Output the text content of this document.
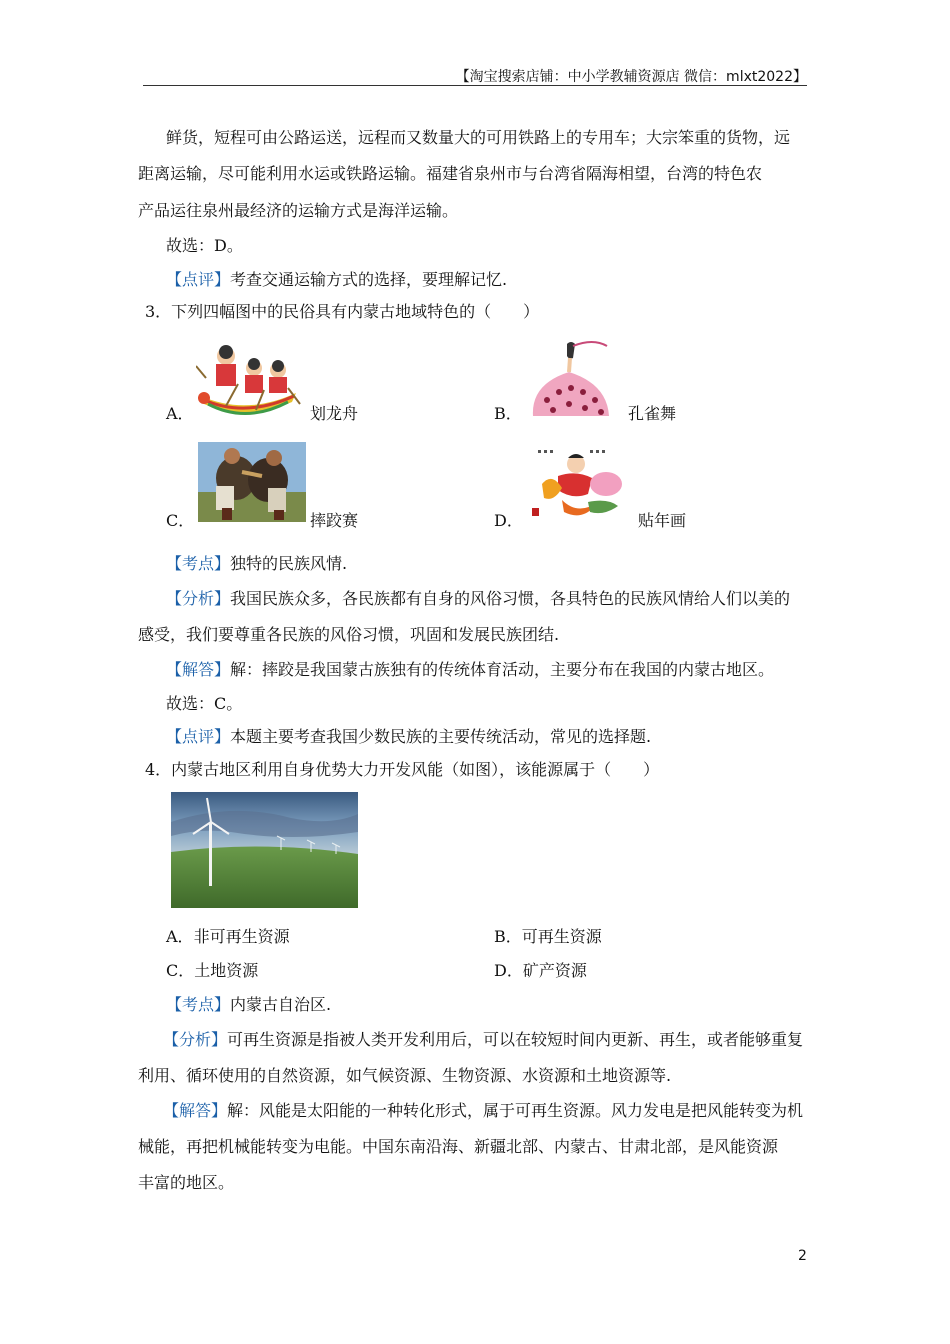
【淘宝搜索店铺：中小学教辅资源店 微信：mlxt2022】
鲜货，短程可由公路运送，远程而又数量大的可用铁路上的专用车；大宗笨重的货物，远
距离运输，尽可能利用水运或铁路运输。福建省泉州市与台湾省隔海相望，台湾的特色农
产品运往泉州最经济的运输方式是海洋运输。
故选：D。
【点评】考查交通运输方式的选择，要理解记忆.
3．下列四幅图中的民俗具有内蒙古地域特色的（　　）
A．	划龙舟	B．	孔雀舞
C．	摔跤赛	D．	贴年画
【考点】独特的民族风情.
【分析】我国民族众多，各民族都有自身的风俗习惯，各具特色的民族风情给人们以美的
感受，我们要尊重各民族的风俗习惯，巩固和发展民族团结.
【解答】解：摔跤是我国蒙古族独有的传统体育活动，主要分布在我国的内蒙古地区。
故选：C。
【点评】本题主要考查我国少数民族的主要传统活动，常见的选择题.
4．内蒙古地区利用自身优势大力开发风能（如图），该能源属于（　　）
A．非可再生资源	B．可再生资源
C．土地资源	D．矿产资源
【考点】内蒙古自治区.
【分析】可再生资源是指被人类开发利用后，可以在较短时间内更新、再生，或者能够重复
利用、循环使用的自然资源，如气候资源、生物资源、水资源和土地资源等.
【解答】解：风能是太阳能的一种转化形式，属于可再生资源。风力发电是把风能转变为机
械能，再把机械能转变为电能。中国东南沿海、新疆北部、内蒙古、甘肃北部，是风能资源
丰富的地区。
2
